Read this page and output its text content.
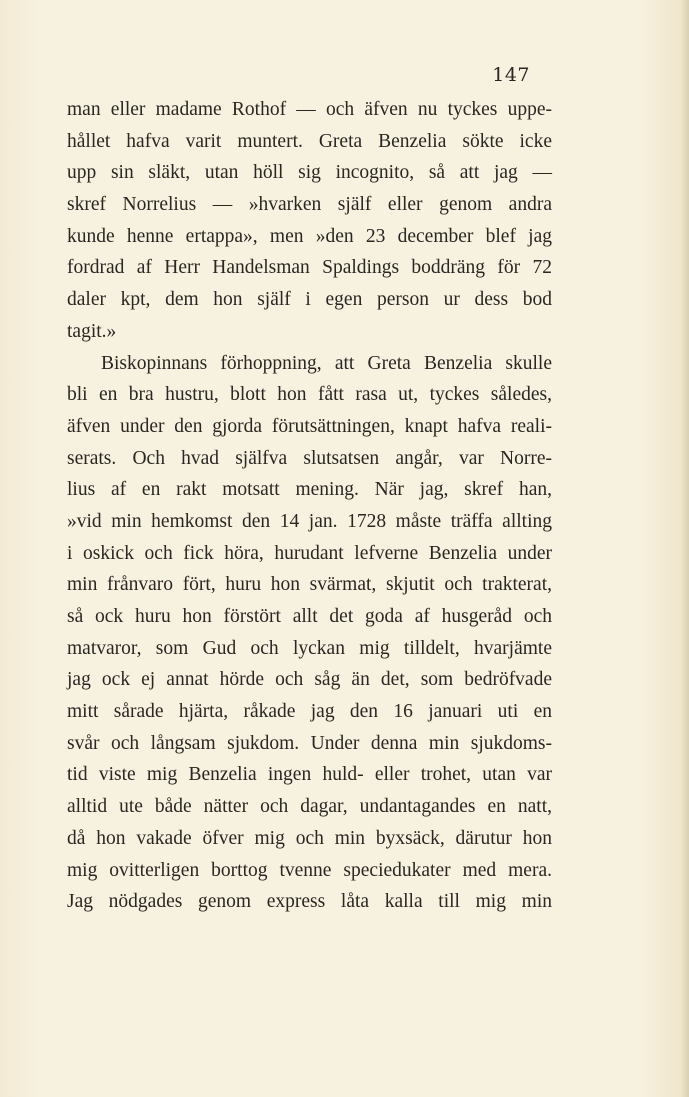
147
man eller madame Rothof — och äfven nu tyckes uppe-
hållet hafva varit muntert. Greta Benzelia sökte icke
upp sin släkt, utan höll sig incognito, så att jag —
skref Norrelius — »hvarken själf eller genom andra
kunde henne ertappa», men »den 23 december blef jag
fordrad af Herr Handelsman Spaldings boddräng för 72
daler kpt, dem hon själf i egen person ur dess bod
tagit.»
Biskopinnans förhoppning, att Greta Benzelia skulle
bli en bra hustru, blott hon fått rasa ut, tyckes således,
äfven under den gjorda förutsättningen, knapt hafva reali-
serats. Och hvad själfva slutsatsen angår, var Norre-
lius af en rakt motsatt mening. När jag, skref han,
»vid min hemkomst den 14 jan. 1728 måste träffa allting
i oskick och fick höra, hurudant lefverne Benzelia under
min frånvaro fört, huru hon svärmat, skjutit och trakterat,
så ock huru hon förstört allt det goda af husgeråd och
matvaror, som Gud och lyckan mig tilldelt, hvarjämte
jag ock ej annat hörde och såg än det, som bedröfvade
mitt sårade hjärta, råkade jag den 16 januari uti en
svår och långsam sjukdom. Under denna min sjukdoms-
tid viste mig Benzelia ingen huld- eller trohet, utan var
alltid ute både nätter och dagar, undantagandes en natt,
då hon vakade öfver mig och min byxsäck, därutur hon
mig ovitterligen borttog tvenne speciedukater med mera.
Jag nödgades genom express låta kalla till mig min
